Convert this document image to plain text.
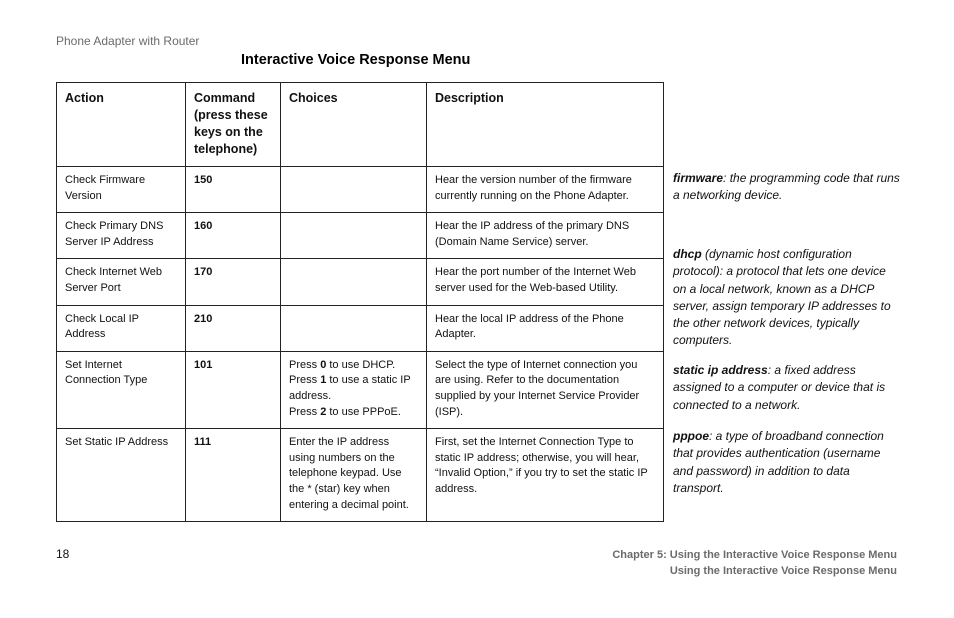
Phone Adapter with Router
Interactive Voice Response Menu
Action	Command (press these keys on the telephone)	Choices	Description
Check Firmware Version	150		Hear the version number of the firmware currently running on the Phone Adapter.
Check Primary DNS Server IP Address	160		Hear the IP address of the primary DNS (Domain Name Service) server.
Check Internet Web Server Port	170		Hear the port number of the Internet Web server used for the Web-based Utility.
Check Local IP Address	210		Hear the local IP address of the Phone Adapter.
Set Internet Connection Type	101	Press 0 to use DHCP.
Press 1 to use a static IP address.
Press 2 to use PPPoE.	Select the type of Internet connection you are using. Refer to the documentation supplied by your Internet Service Provider (ISP).
Set Static IP Address	111	Enter the IP address using numbers on the telephone keypad. Use the * (star) key when entering a decimal point.	First, set the Internet Connection Type to static IP address; otherwise, you will hear, “Invalid Option,” if you try to set the static IP address.
firmware: the programming code that runs a networking device.
dhcp (dynamic host configuration protocol): a protocol that lets one device on a local network, known as a DHCP server, assign temporary IP addresses to the other network devices, typically computers.
static ip address: a fixed address assigned to a computer or device that is connected to a network.
pppoe: a type of broadband connection that provides authentication (username and password) in addition to data transport.
18	Chapter 5: Using the Interactive Voice Response Menu
Using the Interactive Voice Response Menu
